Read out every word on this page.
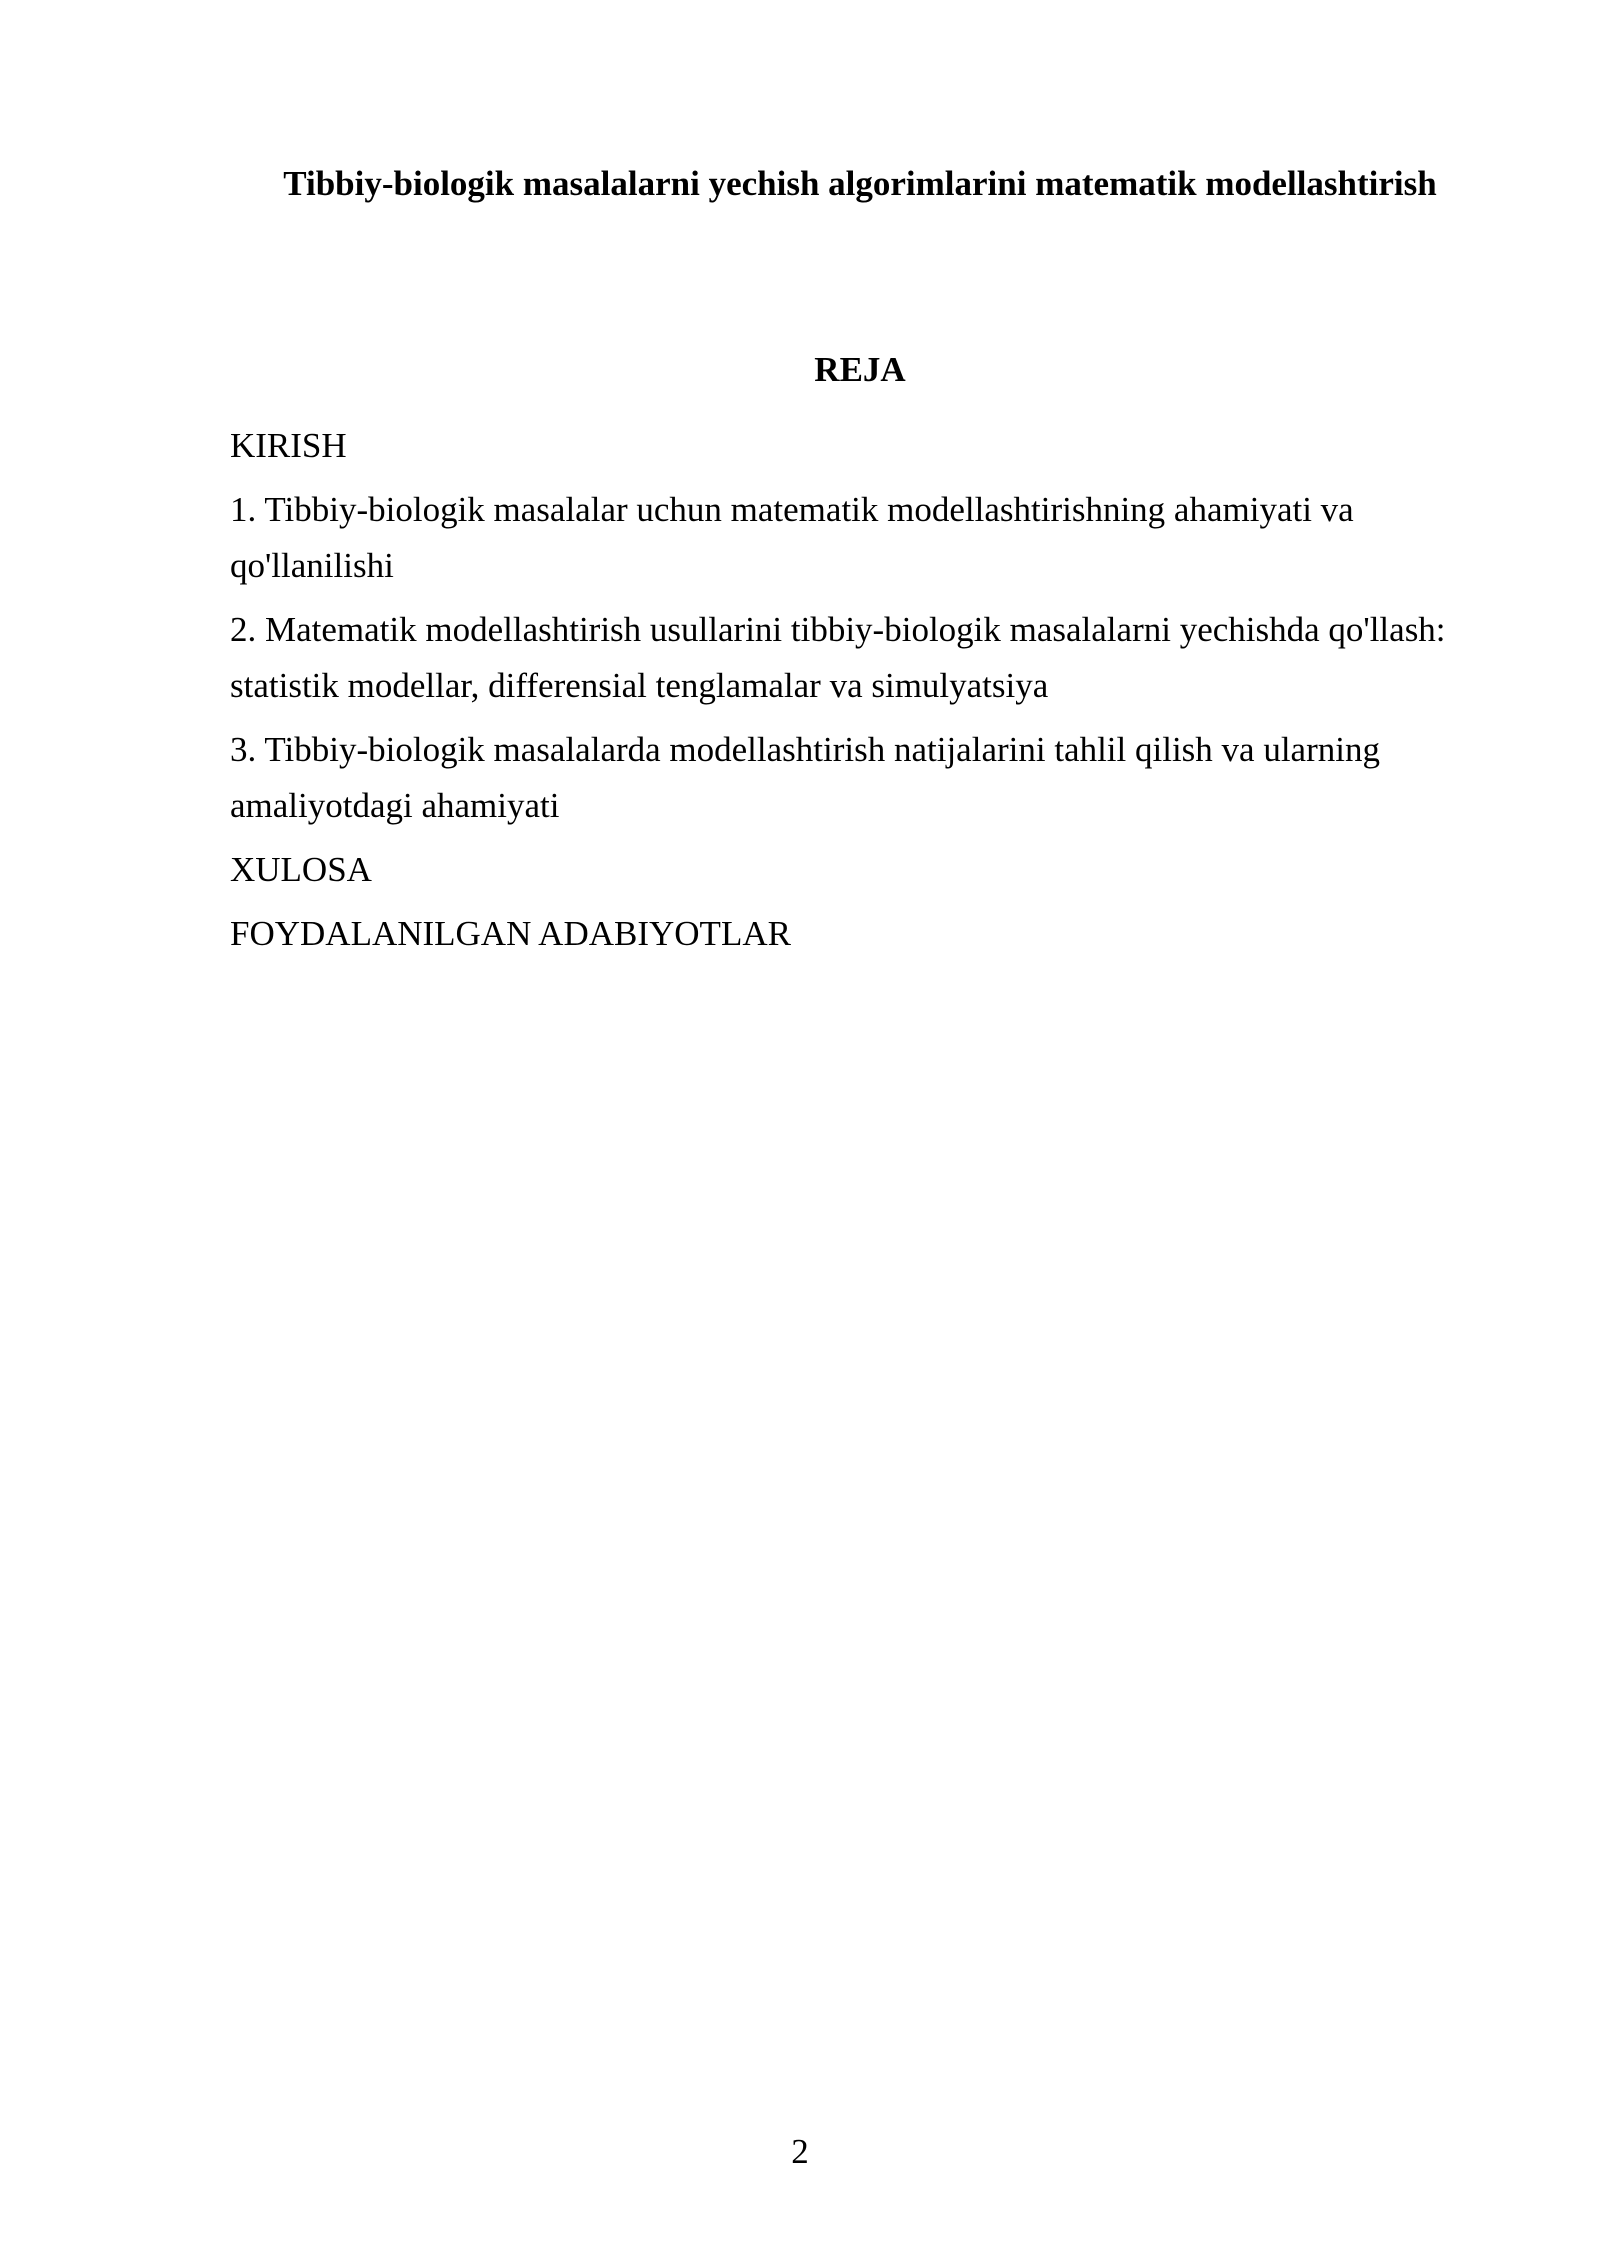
Tibbiy-biologik masalalarni yechish algorimlarini matematik modellashtirish
REJA
KIRISH
1. Tibbiy-biologik masalalar uchun matematik modellashtirishning ahamiyati va qo'llanilishi
2. Matematik modellashtirish usullarini tibbiy-biologik masalalarni yechishda qo'llash: statistik modellar, differensial tenglamalar va simulyatsiya
3. Tibbiy-biologik masalalarda modellashtirish natijalarini tahlil qilish va ularning amaliyotdagi ahamiyati
XULOSA
FOYDALANILGAN ADABIYOTLAR
2
